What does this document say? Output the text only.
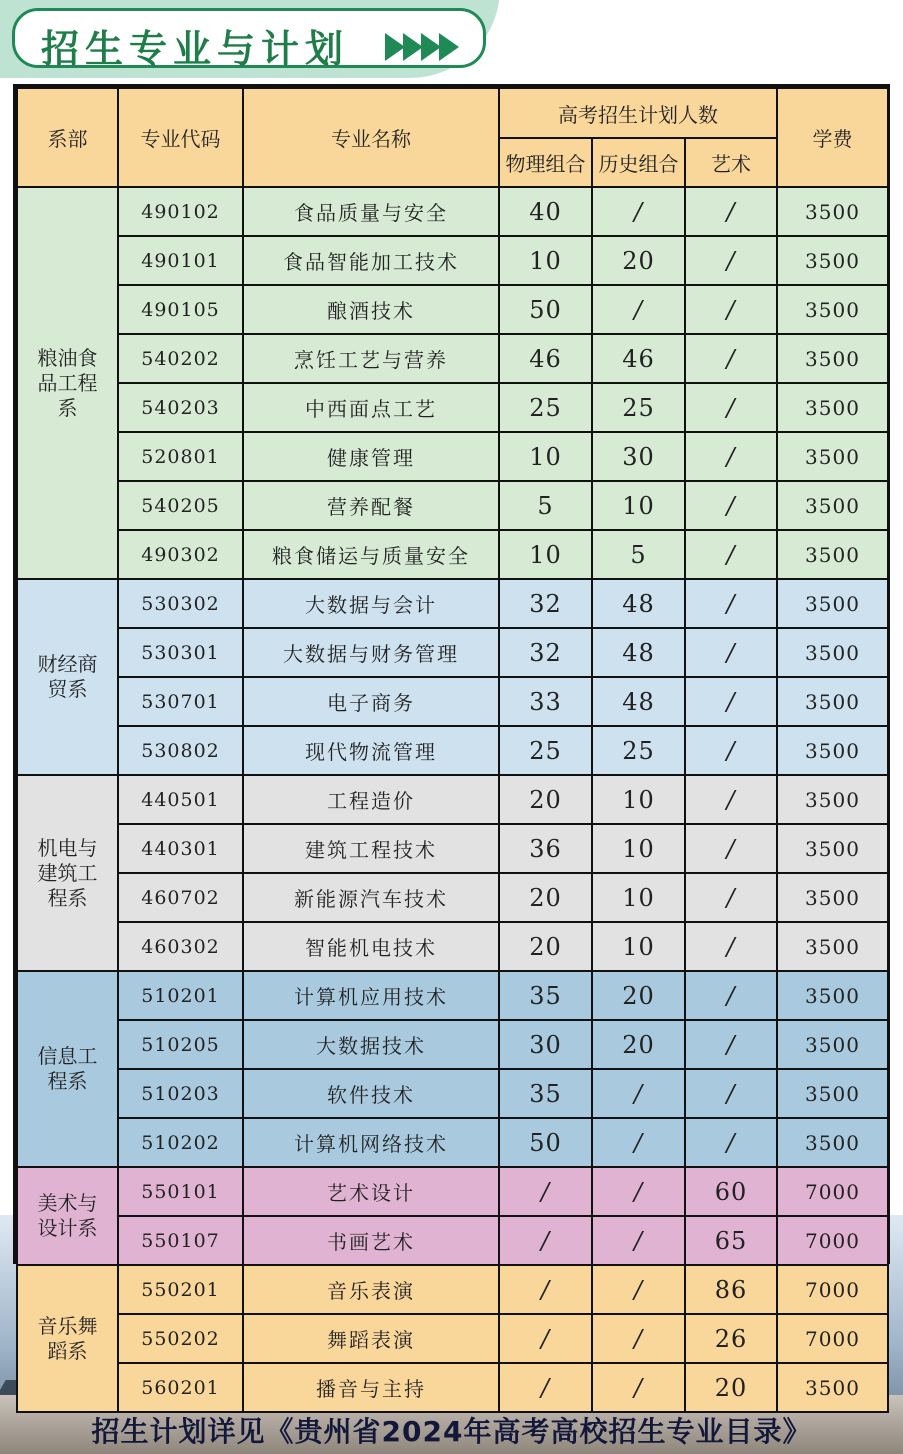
招生专业与计划
系部	专业代码	专业名称	高考招生计划人数			学费
			物理组合	历史组合	艺术	

粮油食
品工程
系	490102	食品质量与安全	40	/	/	3500
	490101	食品智能加工技术	10	20	/	3500
	490105	酿酒技术	50	/	/	3500
	540202	烹饪工艺与营养	46	46	/	3500
	540203	中西面点工艺	25	25	/	3500
	520801	健康管理	10	30	/	3500
	540205	营养配餐	5	10	/	3500
	490302	粮食储运与质量安全	10	5	/	3500

财经商
贸系	530302	大数据与会计	32	48	/	3500
	530301	大数据与财务管理	32	48	/	3500
	530701	电子商务	33	48	/	3500
	530802	现代物流管理	25	25	/	3500

机电与
建筑工
程系	440501	工程造价	20	10	/	3500
	440301	建筑工程技术	36	10	/	3500
	460702	新能源汽车技术	20	10	/	3500
	460302	智能机电技术	20	10	/	3500

信息工
程系	510201	计算机应用技术	35	20	/	3500
	510205	大数据技术	30	20	/	3500
	510203	软件技术	35	/	/	3500
	510202	计算机网络技术	50	/	/	3500

美术与
设计系	550101	艺术设计	/	/	60	7000
	550107	书画艺术	/	/	65	7000

音乐舞
蹈系	550201	音乐表演	/	/	86	7000
	550202	舞蹈表演	/	/	26	7000
	560201	播音与主持	/	/	20	3500
招生计划详见《贵州省2024年高考高校招生专业目录》
